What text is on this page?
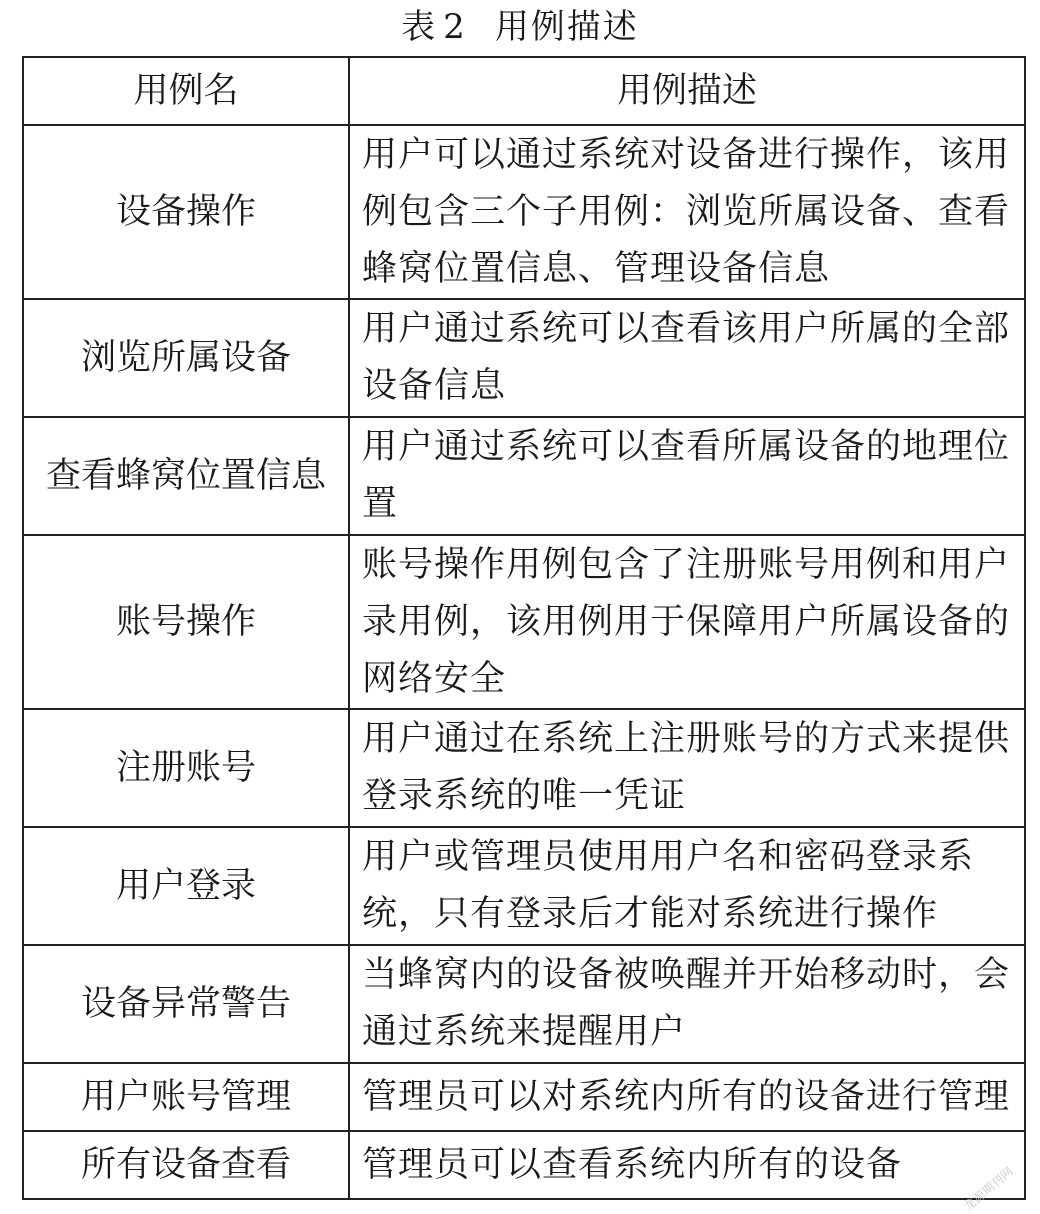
表 2 用例描述
用例名	用例描述
设备操作	用户可以通过系统对设备进行操作，该用例包含三个子用例：浏览所属设备、查看蜂窝位置信息、管理设备信息
浏览所属设备	用户通过系统可以查看该用户所属的全部设备信息
查看蜂窝位置信息	用户通过系统可以查看所属设备的地理位置
账号操作	账号操作用例包含了注册账号用例和用户录用例，该用例用于保障用户所属设备的网络安全
注册账号	用户通过在系统上注册账号的方式来提供登录系统的唯一凭证
用户登录	用户或管理员使用用户名和密码登录系统，只有登录后才能对系统进行操作
设备异常警告	当蜂窝内的设备被唤醒并开始移动时，会通过系统来提醒用户
用户账号管理	管理员可以对系统内所有的设备进行管理
所有设备查看	管理员可以查看系统内所有的设备	龙源期刊网
